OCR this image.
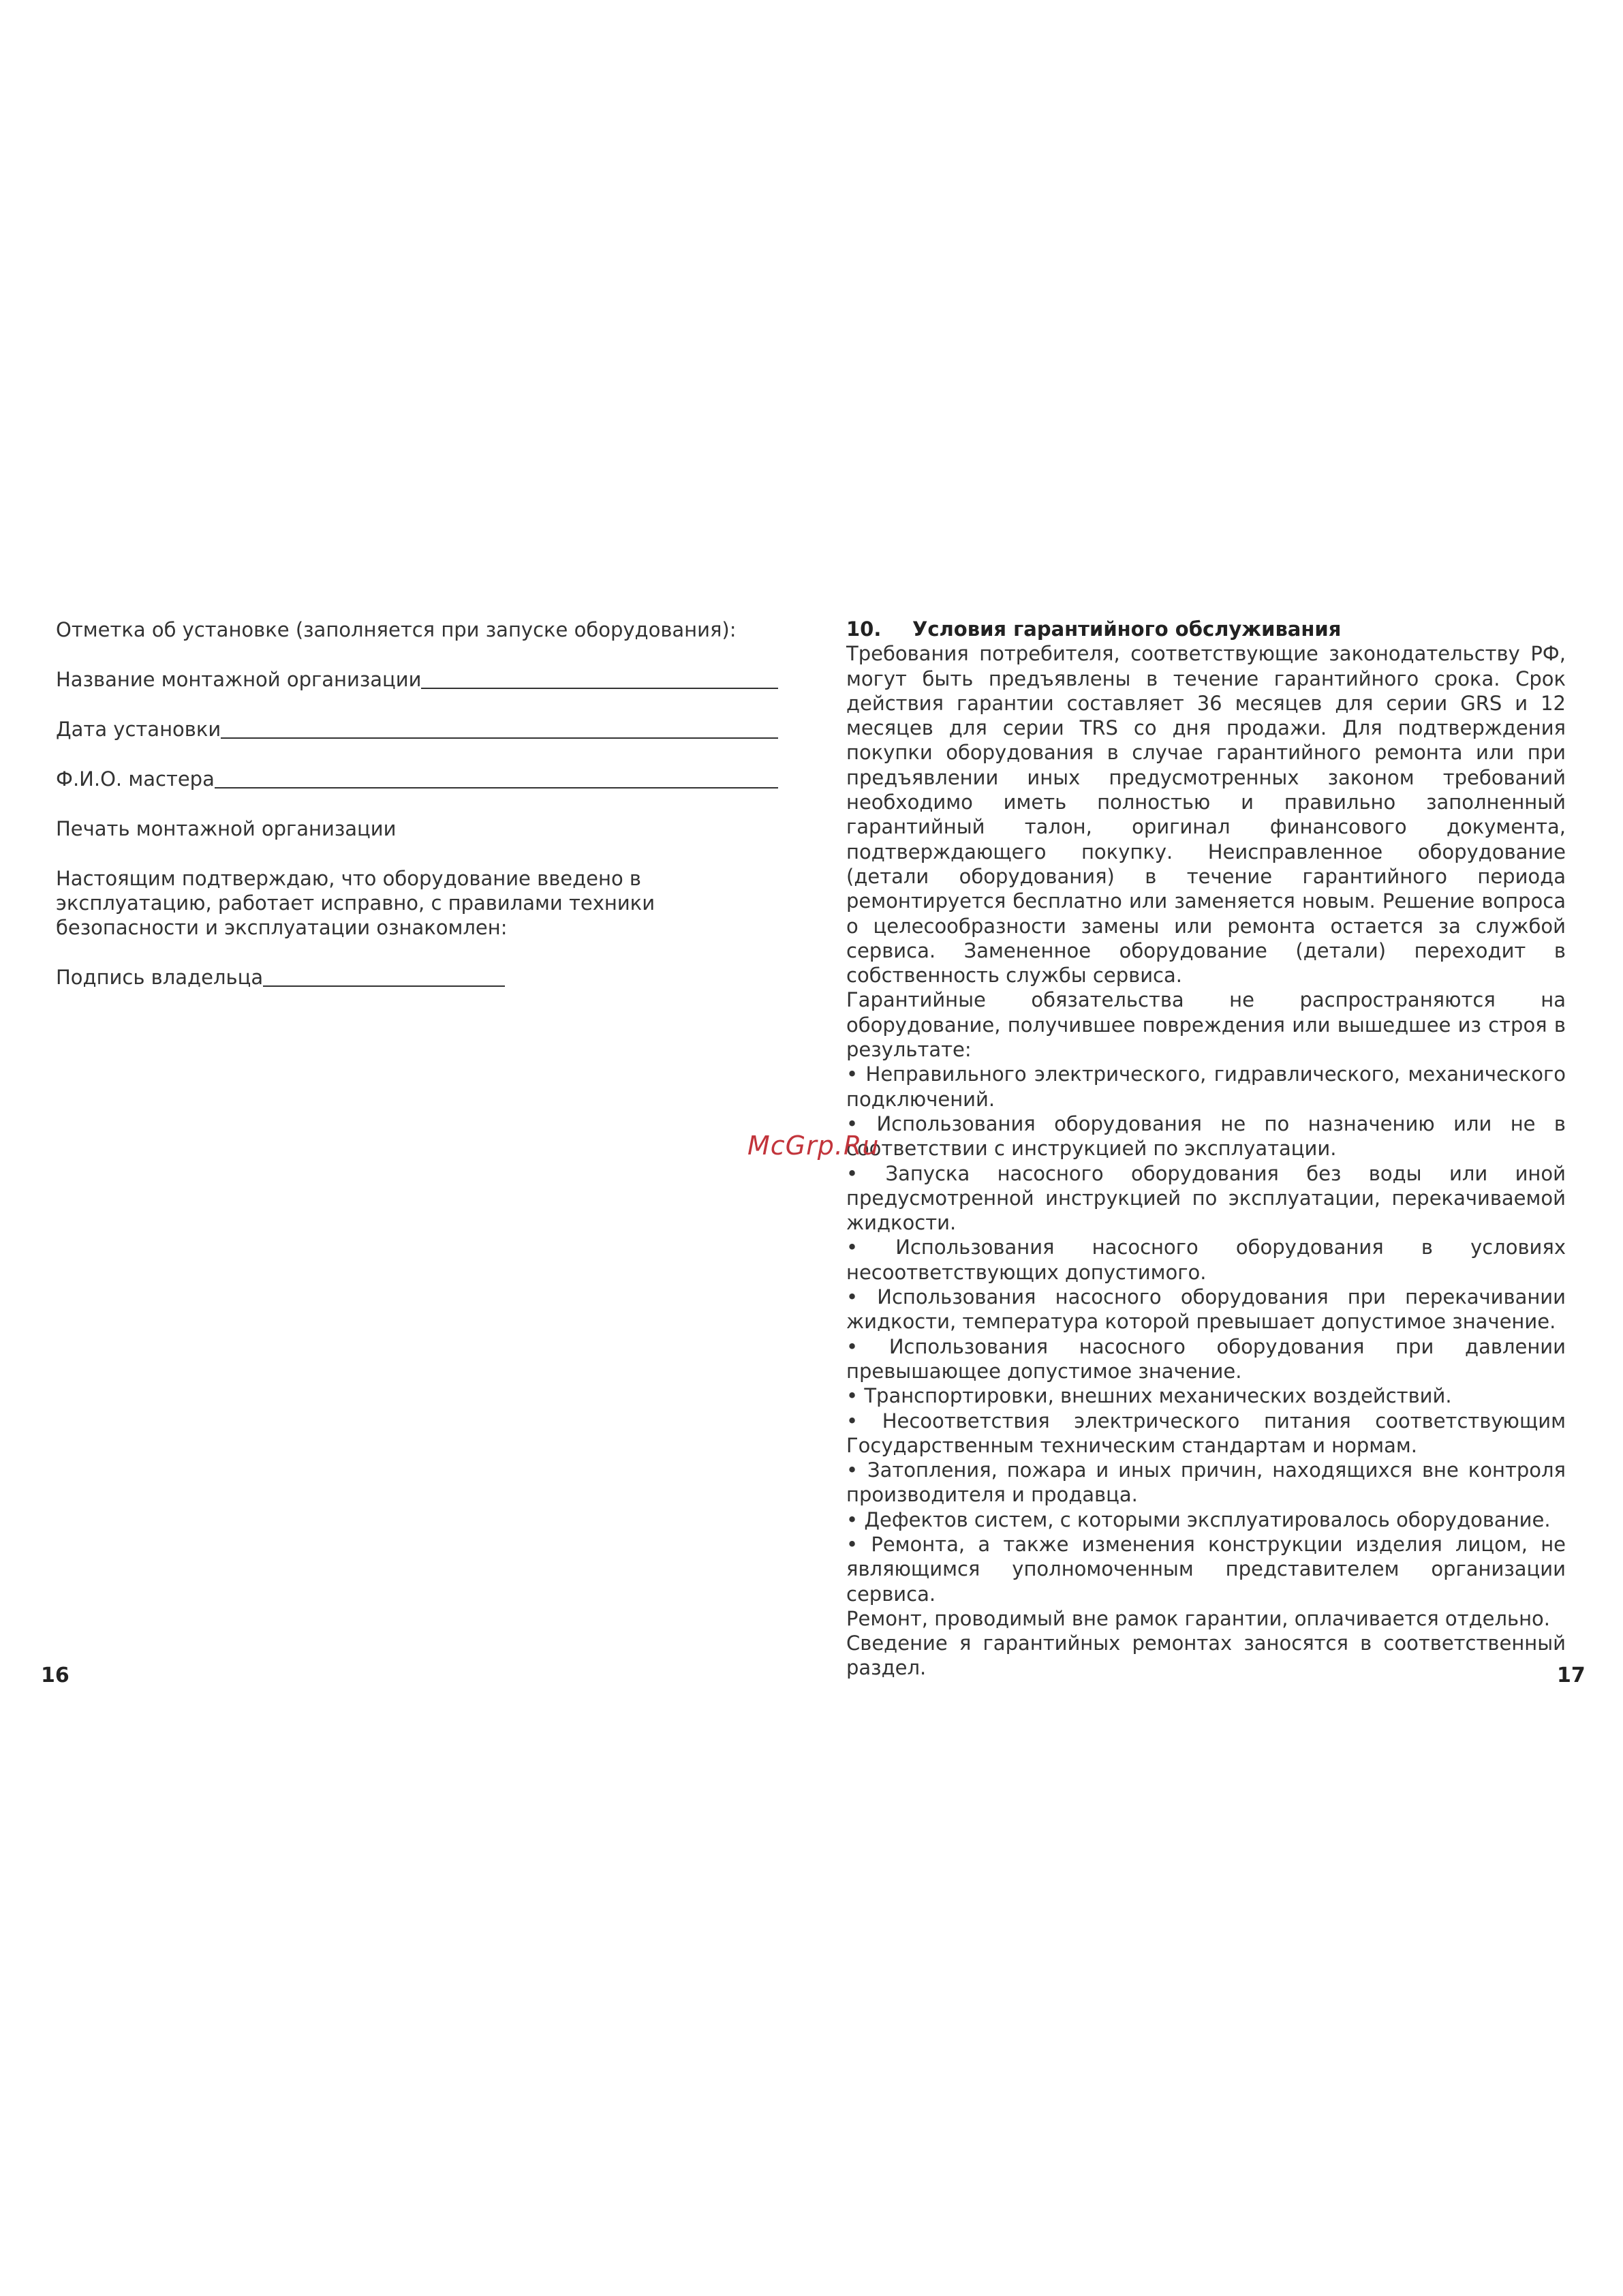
Отметка об установке (заполняется при запуске оборудования):
Название монтажной организации
Дата установки
Ф.И.О. мастера
Печать монтажной организации
Настоящим подтверждаю, что оборудование введено в эксплуатацию, работает исправно, с правилами техники безопасности и эксплуатации ознакомлен:
Подпись владельца
10.	Условия гарантийного обслуживания

Требования потребителя, соответствующие законодательству РФ, могут быть предъявлены в течение гарантийного срока. Срок действия гарантии составляет 36 месяцев для серии GRS и 12 месяцев для серии TRS со дня продажи. Для подтверждения покупки оборудования в случае гарантийного ремонта или при предъявлении иных предусмотренных законом требований необходимо иметь полностью и правильно заполненный гарантийный талон, оригинал финансового документа, подтверждающего покупку. Неисправленное оборудование (детали оборудования) в течение гарантийного периода ремонтируется бесплатно или заменяется новым. Решение вопроса о целесообразности замены или ремонта остается за службой сервиса. Замененное оборудование (детали) переходит в собственность службы сервиса.

Гарантийные обязательства не распространяются на оборудование, получившее повреждения или вышедшее из строя в результате:

• Неправильного электрического, гидравлического, механического подключений.
• Использования оборудования не по назначению или не в соответствии с инструкцией по эксплуатации.
• Запуска насосного оборудования без воды или иной предусмотренной инструкцией по эксплуатации, перекачиваемой жидкости.
• Использования насосного оборудования в условиях несоответствующих допустимого.
• Использования насосного оборудования при перекачивании жидкости, температура которой превышает допустимое значение.
• Использования насосного оборудования при давлении превышающее допустимое значение.
• Транспортировки, внешних механических воздействий.
• Несоответствия электрического питания соответствующим Государственным техническим стандартам и нормам.
• Затопления, пожара и иных причин, находящихся вне контроля производителя и продавца.
• Дефектов систем, с которыми эксплуатировалось оборудование.
• Ремонта, а также изменения конструкции изделия лицом, не являющимся уполномоченным представителем организации сервиса.

Ремонт, проводимый вне рамок гарантии, оплачивается отдельно.

Сведение я гарантийных ремонтах заносятся в соответственный раздел.

McGrp.Ru
16	17
